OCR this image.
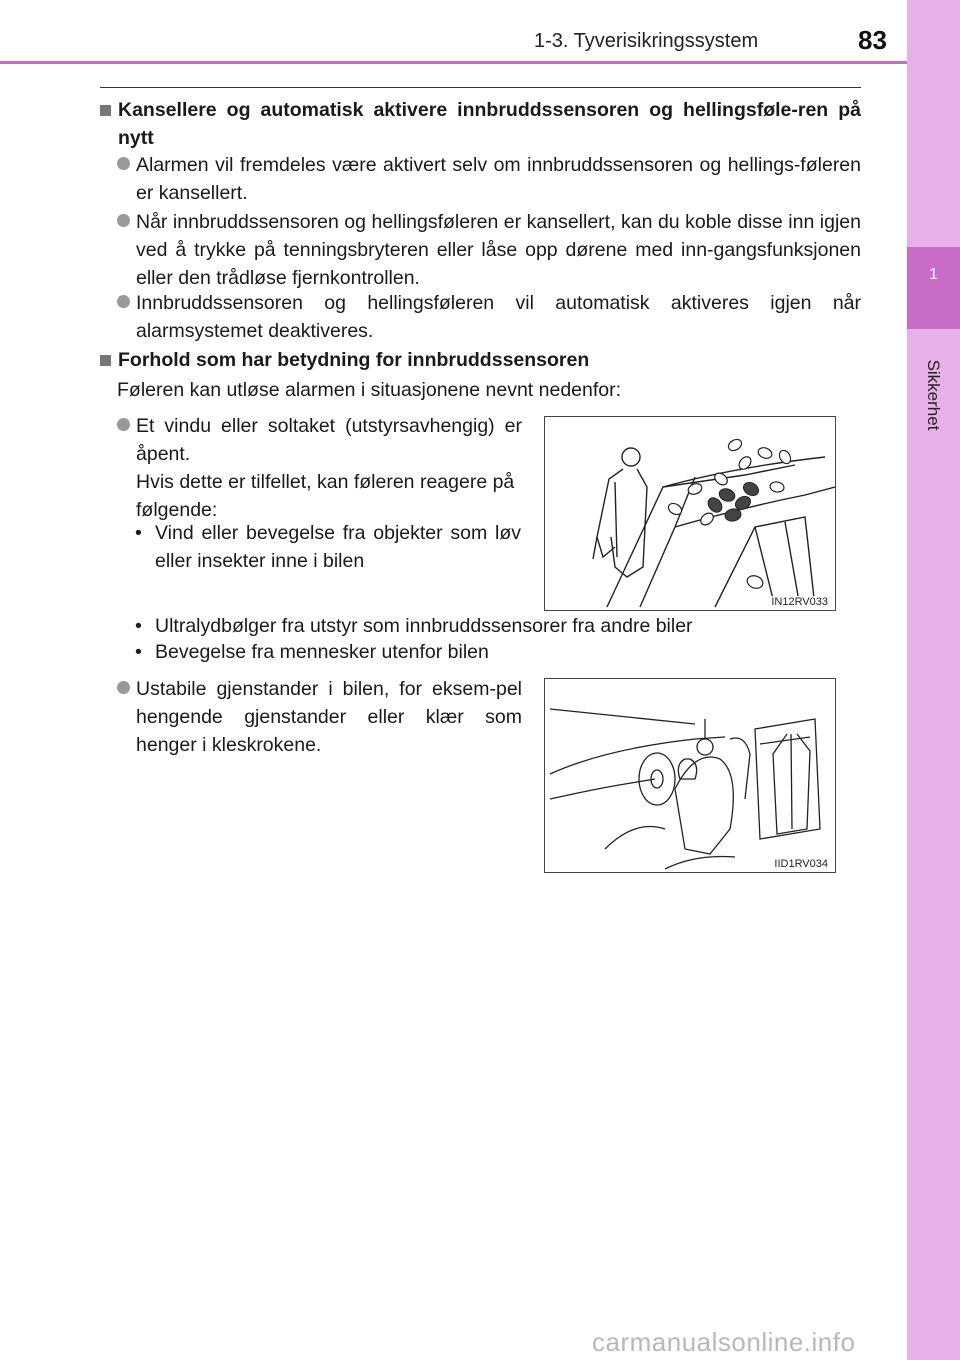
1
Sikkerhet
1-3. Tyverisikringssystem	83
Kansellere og automatisk aktivere innbruddssensoren og hellingsføle-ren på nytt
Alarmen vil fremdeles være aktivert selv om innbruddssensoren og hellings-føleren er kansellert.
Når innbruddssensoren og hellingsføleren er kansellert, kan du koble disse inn igjen ved å trykke på tenningsbryteren eller låse opp dørene med inn-gangsfunksjonen eller den trådløse fjernkontrollen.
Innbruddssensoren og hellingsføleren vil automatisk aktiveres igjen når alarmsystemet deaktiveres.
Forhold som har betydning for innbruddssensoren
Føleren kan utløse alarmen i situasjonene nevnt nedenfor:
Et vindu eller soltaket (utstyrsavhengig) er åpent.

Hvis dette er tilfellet, kan føleren reagere på følgende:
• Vind eller bevegelse fra objekter som løv eller insekter inne i bilen
• Ultralydbølger fra utstyr som innbruddssensorer fra andre biler
• Bevegelse fra mennesker utenfor bilen
IN12RV033
Ustabile gjenstander i bilen, for eksem-pel hengende gjenstander eller klær som henger i kleskrokene.
IID1RV034
carmanualsonline.info
